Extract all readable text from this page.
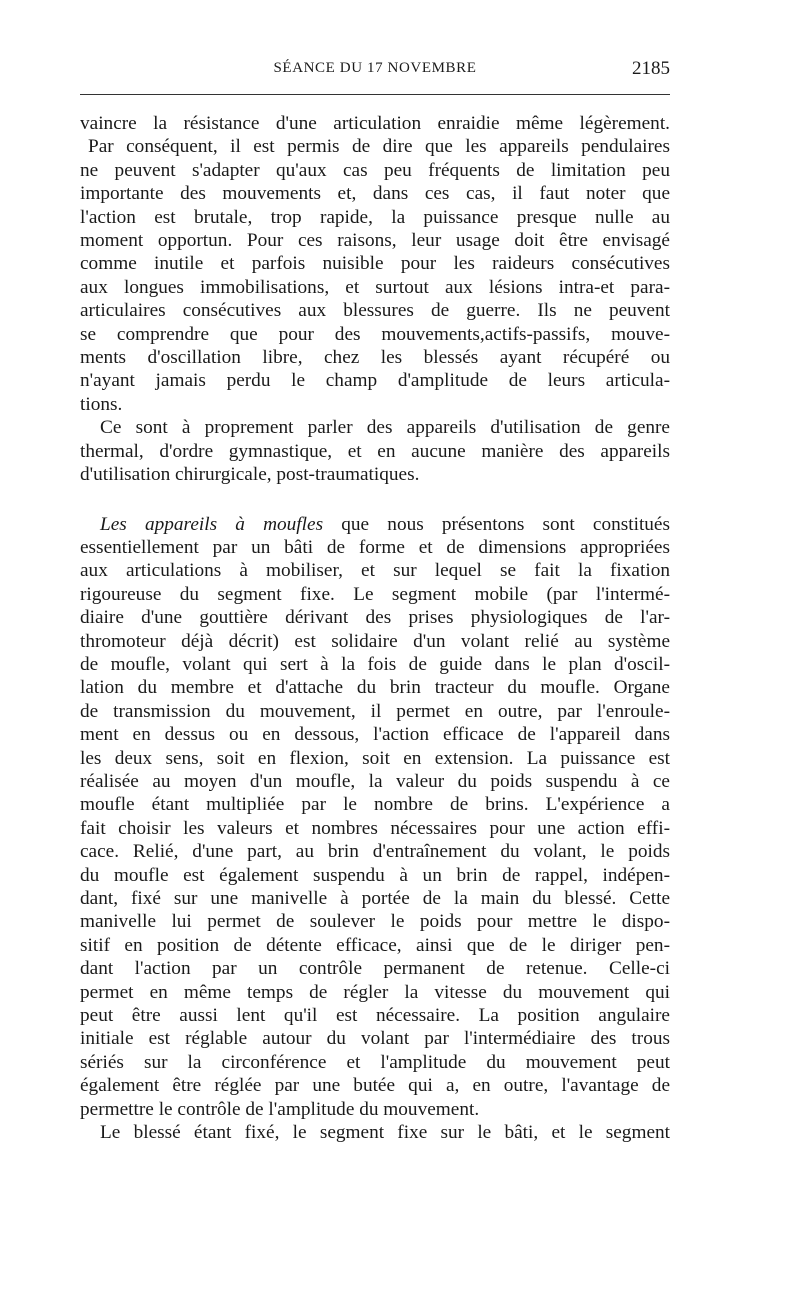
SÉANCE DU 17 NOVEMBRE	2185

vaincre la résistance d'une articulation enraidie même légèrement.

Par conséquent, il est permis de dire que les appareils pendulaires

ne peuvent s'adapter qu'aux cas peu fréquents de limitation peu

importante des mouvements et, dans ces cas, il faut noter que

l'action est brutale, trop rapide, la puissance presque nulle au

moment opportun. Pour ces raisons, leur usage doit être envisagé

comme inutile et parfois nuisible pour les raideurs consécutives

aux longues immobilisations, et surtout aux lésions intra-et para-

articulaires consécutives aux blessures de guerre. Ils ne peuvent

se comprendre que pour des mouvements,actifs-passifs, mouve-

ments d'oscillation libre, chez les blessés ayant récupéré ou

n'ayant jamais perdu le champ d'amplitude de leurs articula-

tions.

Ce sont à proprement parler des appareils d'utilisation de genre

thermal, d'ordre gymnastique, et en aucune manière des appareils

d'utilisation chirurgicale, post-traumatiques.

Les appareils à moufles que nous présentons sont constitués

essentiellement par un bâti de forme et de dimensions appropriées

aux articulations à mobiliser, et sur lequel se fait la fixation

rigoureuse du segment fixe. Le segment mobile (par l'intermé-

diaire d'une gouttière dérivant des prises physiologiques de l'ar-

thromoteur déjà décrit) est solidaire d'un volant relié au système

de moufle, volant qui sert à la fois de guide dans le plan d'oscil-

lation du membre et d'attache du brin tracteur du moufle. Organe

de transmission du mouvement, il permet en outre, par l'enroule-

ment en dessus ou en dessous, l'action efficace de l'appareil dans

les deux sens, soit en flexion, soit en extension. La puissance est

réalisée au moyen d'un moufle, la valeur du poids suspendu à ce

moufle étant multipliée par le nombre de brins. L'expérience a

fait choisir les valeurs et nombres nécessaires pour une action effi-

cace. Relié, d'une part, au brin d'entraînement du volant, le poids

du moufle est également suspendu à un brin de rappel, indépen-

dant, fixé sur une manivelle à portée de la main du blessé. Cette

manivelle lui permet de soulever le poids pour mettre le dispo-

sitif en position de détente efficace, ainsi que de le diriger pen-

dant l'action par un contrôle permanent de retenue. Celle-ci

permet en même temps de régler la vitesse du mouvement qui

peut être aussi lent qu'il est nécessaire. La position angulaire

initiale est réglable autour du volant par l'intermédiaire des trous

sériés sur la circonférence et l'amplitude du mouvement peut

également être réglée par une butée qui a, en outre, l'avantage de

permettre le contrôle de l'amplitude du mouvement.

Le blessé étant fixé, le segment fixe sur le bâti, et le segment
